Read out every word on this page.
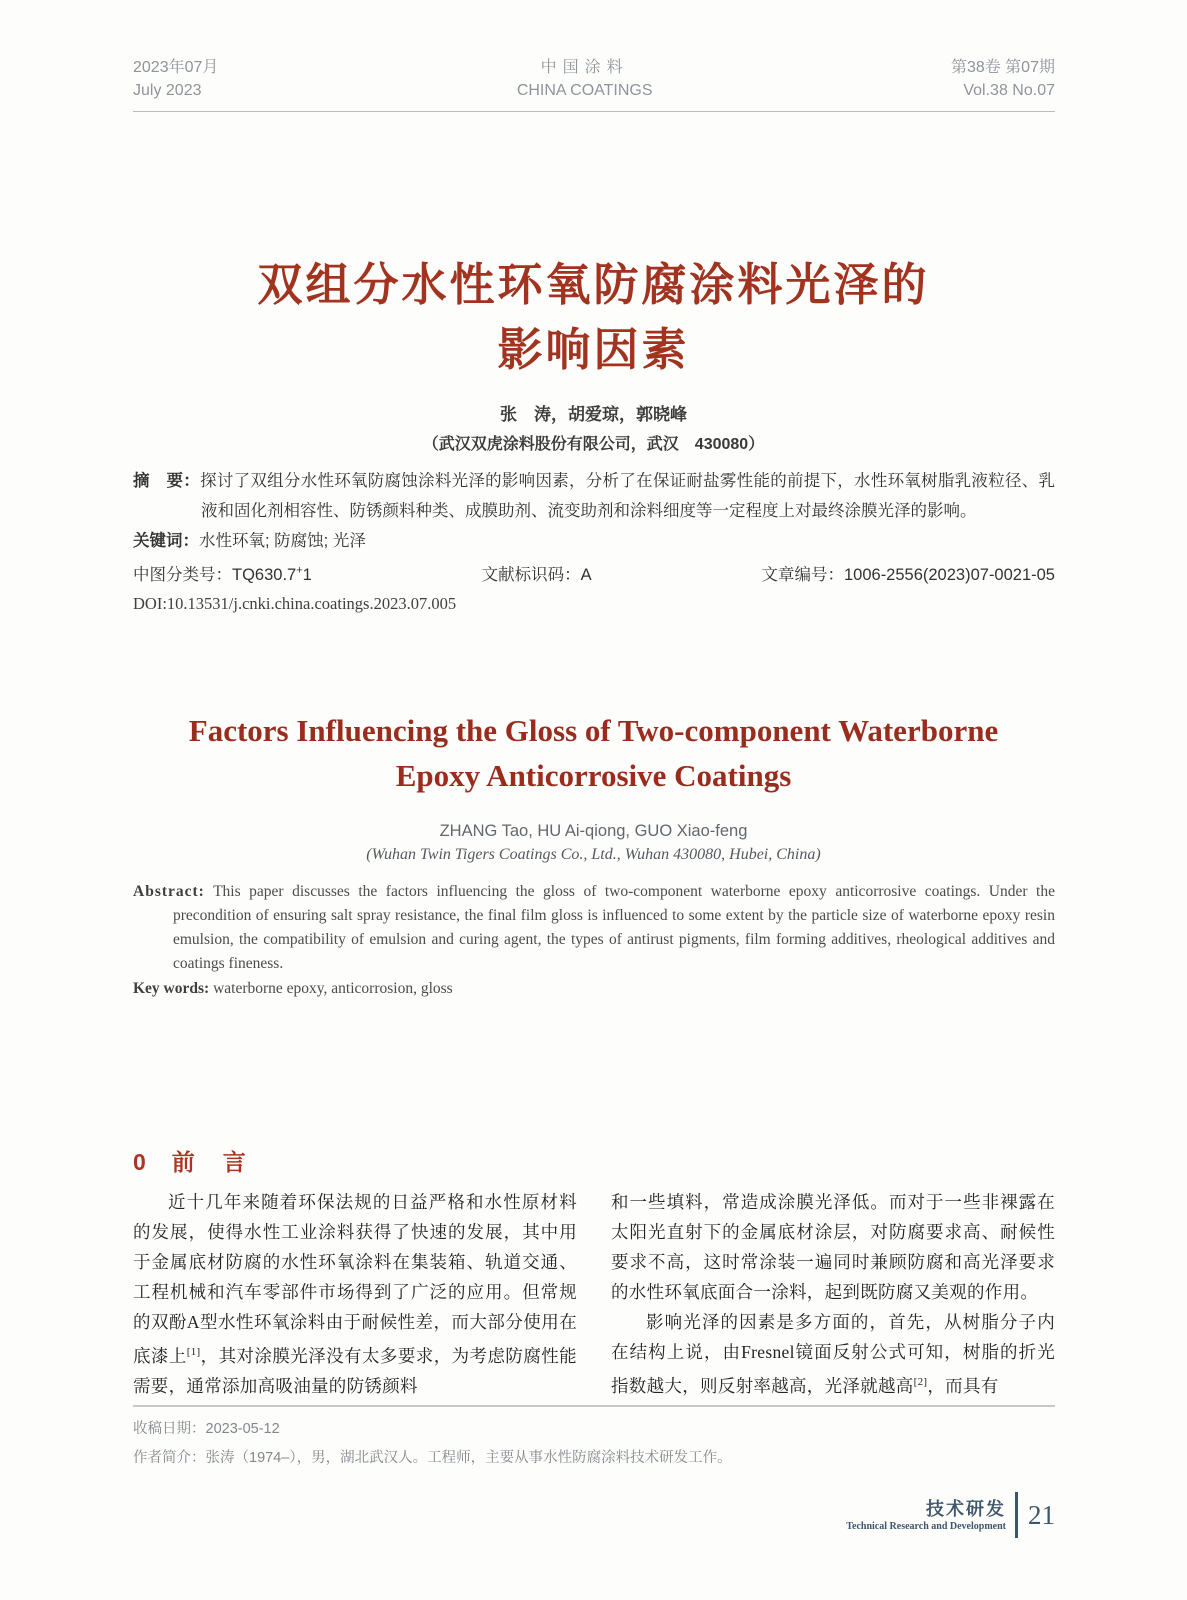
2023年07月
July 2023
中国涂料
CHINA COATINGS
第38卷 第07期
Vol.38 No.07
双组分水性环氧防腐涂料光泽的
影响因素
张　涛，胡爱琼，郭晓峰
（武汉双虎涂料股份有限公司，武汉　430080）

摘　要：探讨了双组分水性环氧防腐蚀涂料光泽的影响因素，分析了在保证耐盐雾性能的前提下，水性环氧树脂乳液粒径、乳液和固化剂相容性、防锈颜料种类、成膜助剂、流变助剂和涂料细度等一定程度上对最终涂膜光泽的影响。

关键词：水性环氧; 防腐蚀; 光泽

中图分类号：TQ630.7+1	文献标识码：A	文章编号：1006-2556(2023)07-0021-05
DOI:10.13531/j.cnki.china.coatings.2023.07.005
Factors Influencing the Gloss of Two-component Waterborne
Epoxy Anticorrosive Coatings
ZHANG Tao, HU Ai-qiong, GUO Xiao-feng
(Wuhan Twin Tigers Coatings Co., Ltd., Wuhan 430080, Hubei, China)

Abstract: This paper discusses the factors influencing the gloss of two-component waterborne epoxy anticorrosive coatings. Under the precondition of ensuring salt spray resistance, the final film gloss is influenced to some extent by the particle size of waterborne epoxy resin emulsion, the compatibility of emulsion and curing agent, the types of antirust pigments, film forming additives, rheological additives and coatings fineness.

Key words: waterborne epoxy, anticorrosion, gloss

0 前言

近十几年来随着环保法规的日益严格和水性原材料的发展，使得水性工业涂料获得了快速的发展，其中用于金属底材防腐的水性环氧涂料在集装箱、轨道交通、工程机械和汽车零部件市场得到了广泛的应用。但常规的双酚A型水性环氧涂料由于耐候性差，而大部分使用在底漆上[1]，其对涂膜光泽没有太多要求，为考虑防腐性能需要，通常添加高吸油量的防锈颜料

和一些填料，常造成涂膜光泽低。而对于一些非裸露在太阳光直射下的金属底材涂层，对防腐要求高、耐候性要求不高，这时常涂装一遍同时兼顾防腐和高光泽要求的水性环氧底面合一涂料，起到既防腐又美观的作用。

影响光泽的因素是多方面的，首先，从树脂分子内在结构上说，由Fresnel镜面反射公式可知，树脂的折光指数越大，则反射率越高，光泽就越高[2]，而具有

收稿日期：2023-05-12
作者简介：张涛（1974–），男，湖北武汉人。工程师，主要从事水性防腐涂料技术研发工作。
技术研发
Technical Research and Development 21
